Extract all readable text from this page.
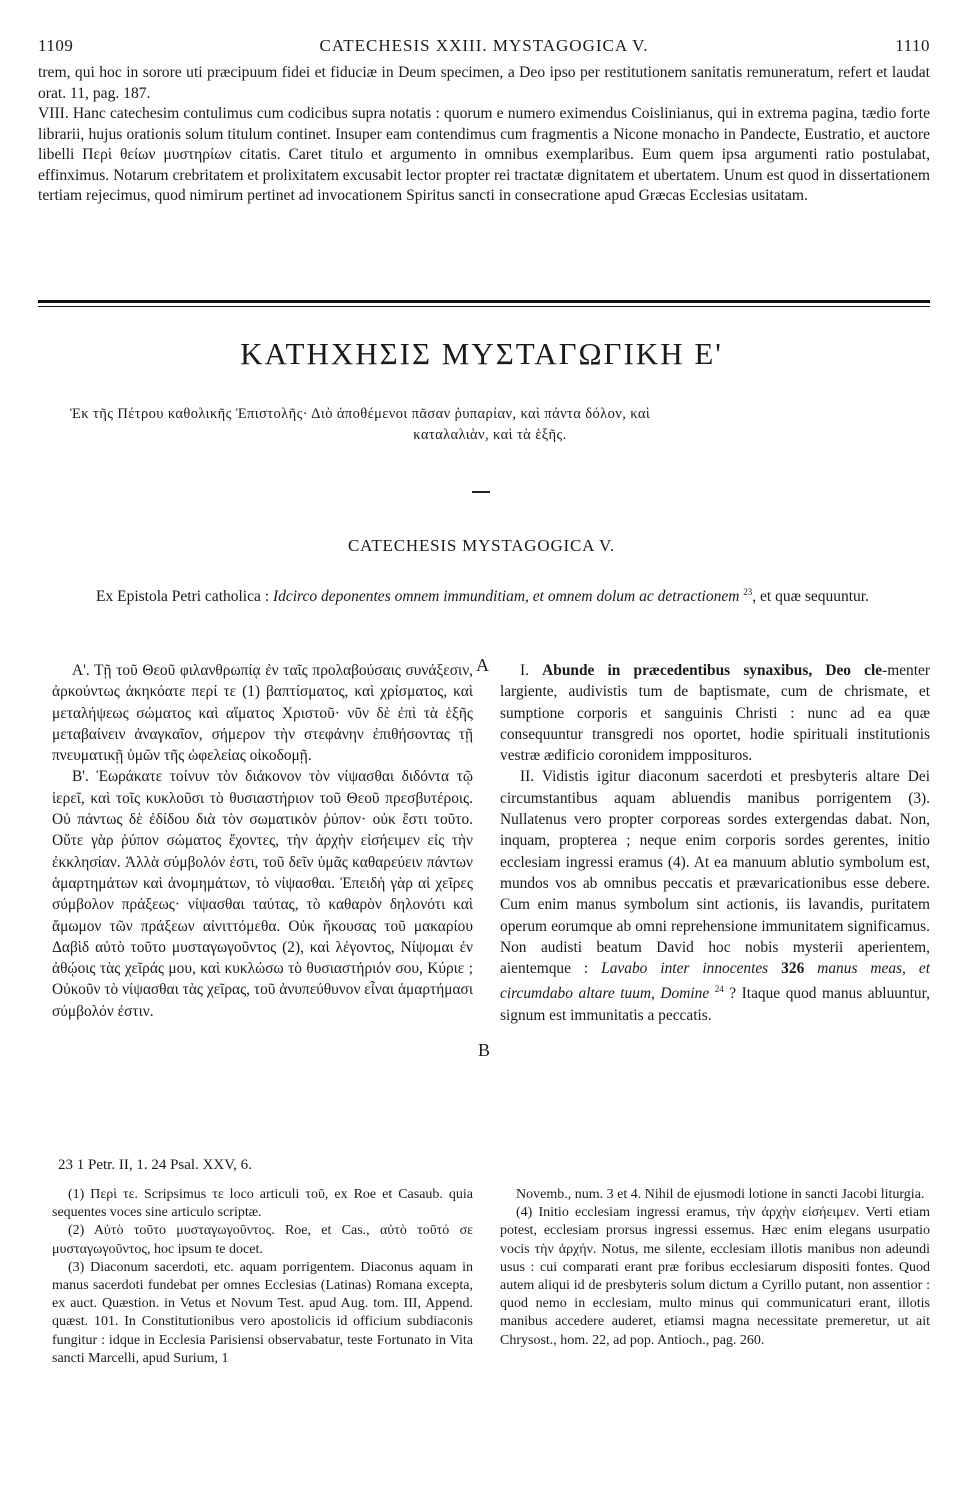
1109	CATECHESIS XXIII. MYSTAGOGICA V.	1110

trem, qui hoc in sorore uti præcipuum fidei et fiduciæ in Deum specimen, a Deo ipso per restitutionem sanitatis remuneratum, refert et laudat orat. 11, pag. 187.

VIII. Hanc catechesim contulimus cum codicibus supra notatis : quorum e numero eximendus Coislinianus, qui in extrema pagina, tædio forte librarii, hujus orationis solum titulum continet. Insuper eam contendimus cum fragmentis a Nicone monacho in Pandecte, Eustratio, et auctore libelli Περὶ θείων μυστηρίων citatis. Caret titulo et argumento in omnibus exemplaribus. Eum quem ipsa argumenti ratio postulabat, effinximus. Notarum crebritatem et prolixitatem excusabit lector propter rei tractatæ dignitatem et ubertatem. Unum est quod in dissertationem tertiam rejecimus, quod nimirum pertinet ad invocationem Spiritus sancti in consecratione apud Græcas Ecclesias usitatam.

ΚΑΤΗΧΗΣΙΣ ΜΥΣΤΑΓΩΓΙΚΗ Ε'
Ἐκ τῆς Πέτρου καθολικῆς Ἐπιστολῆς· Διὸ ἀποθέμενοι πᾶσαν ῥυπαρίαν, καὶ πάντα δόλον, καὶ
καταλαλιὰν, καὶ τὰ ἑξῆς.
CATECHESIS MYSTAGOGICA V.
Ex Epistola Petri catholica : Idcirco deponentes omnem immunditiam, et omnem dolum ac detractionem $^{23}$, et quæ sequuntur.
A
B

Α'. Τῇ τοῦ Θεοῦ φιλανθρωπίᾳ ἐν ταῖς προλαβούσαις συνάξεσιν, ἀρκούντως ἀκηκόατε περί τε (1) βαπτίσματος, καὶ χρίσματος, καὶ μεταλήψεως σώματος καὶ αἵματος Χριστοῦ· νῦν δὲ ἐπὶ τὰ ἑξῆς μεταβαίνειν ἀναγκαῖον, σήμερον τὴν στεφάνην ἐπιθήσοντας τῇ πνευματικῇ ὑμῶν τῆς ὠφελείας οἰκοδομῇ.

Β'. Ἑωράκατε τοίνυν τὸν διάκονον τὸν νίψασθαι διδόντα τῷ ἱερεῖ, καὶ τοῖς κυκλοῦσι τὸ θυσιαστήριον τοῦ Θεοῦ πρεσβυτέροις. Οὐ πάντως δὲ ἐδίδου διὰ τὸν σωματικὸν ῥύπον· οὐκ ἔστι τοῦτο. Οὔτε γὰρ ῥύπον σώματος ἔχοντες, τὴν ἀρχὴν εἰσήειμεν εἰς τὴν ἐκκλησίαν. Ἀλλὰ σύμβολόν ἐστι, τοῦ δεῖν ὑμᾶς καθαρεύειν πάντων ἁμαρτημάτων καὶ ἀνομημάτων, τὸ νίψασθαι. Ἐπειδὴ γὰρ αἱ χεῖρες σύμβολον πράξεως· νίψασθαι ταύτας, τὸ καθαρὸν δηλονότι καὶ ἄμωμον τῶν πράξεων αἰνιττόμεθα. Οὐκ ἤκουσας τοῦ μακαρίου Δαβὶδ αὐτὸ τοῦτο μυσταγωγοῦντος (2), καὶ λέγοντος, Νίψομαι ἐν ἀθῴοις τὰς χεῖράς μου, καὶ κυκλώσω τὸ θυσιαστήριόν σου, Κύριε ; Οὐκοῦν τὸ νίψασθαι τὰς χεῖρας, τοῦ ἀνυπεύθυνον εἶναι ἁμαρτήμασι σύμβολόν ἐστιν.

I. Abunde in præcedentibus synaxibus, Deo cle-menter largiente, audivistis tum de baptismate, cum de chrismate, et sumptione corporis et sanguinis Christi : nunc ad ea quæ consequuntur transgredi nos oportet, hodie spirituali institutionis vestræ ædificio coronidem impposituros.

II. Vidistis igitur diaconum sacerdoti et presbyteris altare Dei circumstantibus aquam abluendis manibus porrigentem (3). Nullatenus vero propter corporeas sordes extergendas dabat. Non, inquam, propterea ; neque enim corporis sordes gerentes, initio ecclesiam ingressi eramus (4). At ea manuum ablutio symbolum est, mundos vos ab omnibus peccatis et prævaricationibus esse debere. Cum enim manus symbolum sint actionis, iis lavandis, puritatem operum eorumque ab omni reprehensione immunitatem significamus. Non audisti beatum David hoc nobis mysterii aperientem, aientemque : Lavabo inter innocentes 326 manus meas, et circumdabo altare tuum, Domine $^{24}$ ? Itaque quod manus abluuntur, signum est immunitatis a peccatis.

23 1 Petr. II, 1. 24 Psal. XXV, 6.

(1) Περὶ τε. Scripsimus τε loco articuli τοῦ, ex Roe et Casaub. quia sequentes voces sine articulo scriptæ.

(2) Αὐτὸ τοῦτο μυσταγωγοῦντος. Roe, et Cas., αὐτὸ τοῦτό σε μυσταγωγοῦντος, hoc ipsum te docet.

(3) Diaconum sacerdoti, etc. aquam porrigentem. Diaconus aquam in manus sacerdoti fundebat per omnes Ecclesias (Latinas) Romana excepta, ex auct. Quæstion. in Vetus et Novum Test. apud Aug. tom. III, Append. quæst. 101. In Constitutionibus vero apostolicis id officium subdiaconis fungitur : idque in Ecclesia Parisiensi observabatur, teste Fortunato in Vita sancti Marcelli, apud Surium, 1

Novemb., num. 3 et 4. Nihil de ejusmodi lotione in sancti Jacobi liturgia.

(4) Initio ecclesiam ingressi eramus, τὴν ἀρχὴν εἰσήειμεν. Verti etiam potest, ecclesiam prorsus ingressi essemus. Hæc enim elegans usurpatio vocis τὴν ἀρχήν. Notus, me silente, ecclesiam illotis manibus non adeundi usus : cui comparati erant præ foribus ecclesiarum dispositi fontes. Quod autem aliqui id de presbyteris solum dictum a Cyrillo putant, non assentior : quod nemo in ecclesiam, multo minus qui communicaturi erant, illotis manibus accedere auderet, etiamsi magna necessitate premeretur, ut ait Chrysost., hom. 22, ad pop. Antioch., pag. 260.
